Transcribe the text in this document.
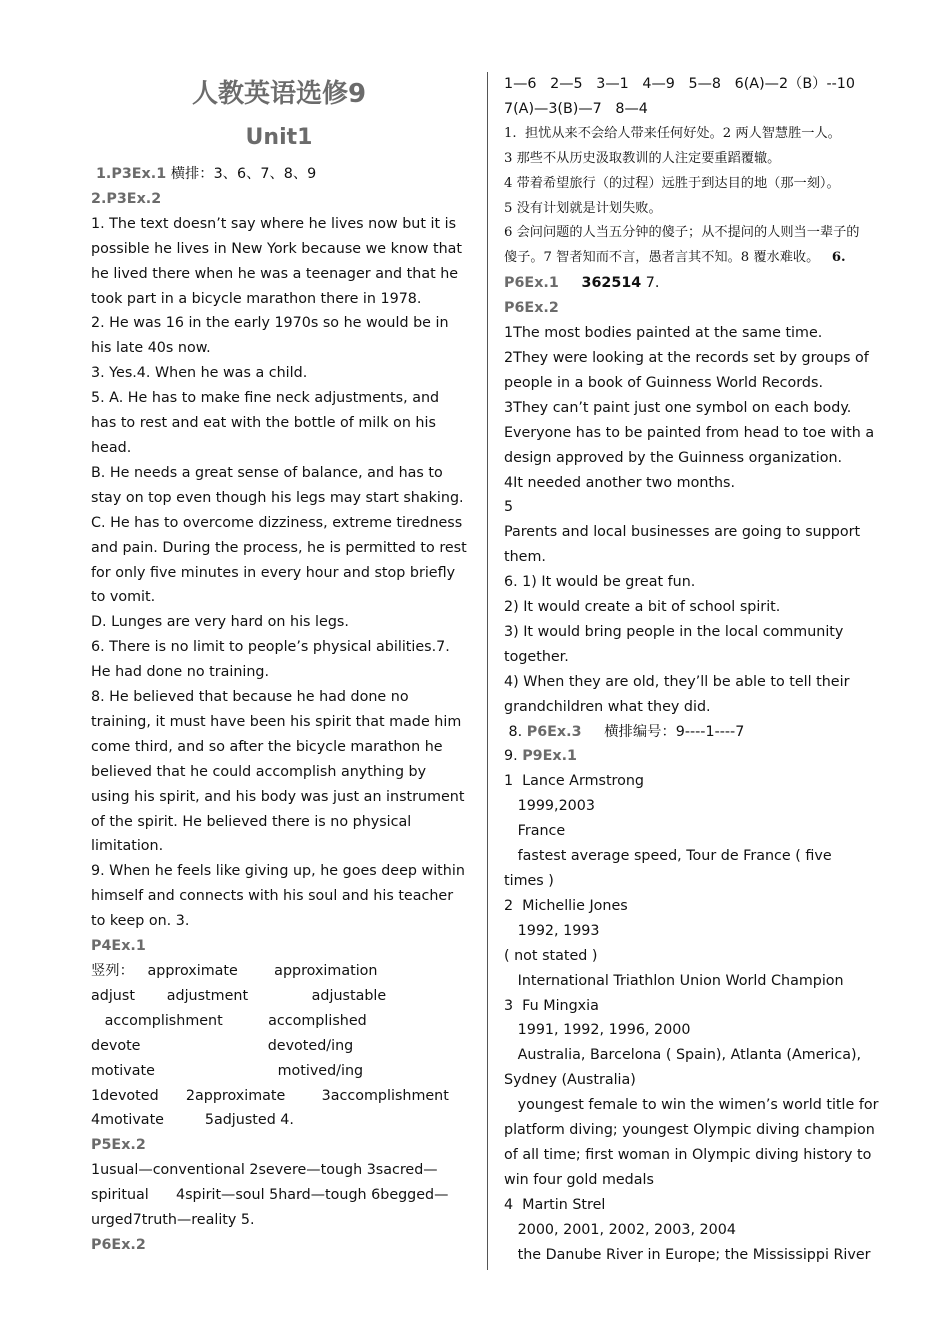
人教英语选修9
Unit1
1.P3Ex.1 横排：3、6、7、8、9
2.P3Ex.2
1. The text doesn’t say where he lives now but it is
possible he lives in New York because we know that
he lived there when he was a teenager and that he
took part in a bicycle marathon there in 1978.
2. He was 16 in the early 1970s so he would be in
his late 40s now.
3. Yes.4. When he was a child.
5. A. He has to make fine neck adjustments, and
has to rest and eat with the bottle of milk on his
head.
B. He needs a great sense of balance, and has to
stay on top even though his legs may start shaking.
C. He has to overcome dizziness, extreme tiredness
and pain. During the process, he is permitted to rest
for only five minutes in every hour and stop briefly
to vomit.
D. Lunges are very hard on his legs.
6. There is no limit to people’s physical abilities.7.
He had done no training.
8. He believed that because he had done no
training, it must have been his spirit that made him
come third, and so after the bicycle marathon he
believed that he could accomplish anything by
using his spirit, and his body was just an instrument
of the spirit. He believed there is no physical
limitation.
9. When he feels like giving up, he goes deep within
himself and connects with his soul and his teacher
to keep on. 3.
P4Ex.1
竖列：   approximate        approximation
adjust       adjustment              adjustable
accomplishment          accomplished
devote                            devoted/ing
motivate                           motived/ing
1devoted      2approximate        3accomplishment
4motivate         5adjusted 4.
P5Ex.2
1usual—conventional 2severe—tough 3sacred—
spiritual      4spirit—soul 5hard—tough 6begged—
urged7truth—reality 5.
P6Ex.2
1—6   2—5   3—1   4—9   5—8   6(A)—2（B）--10
7(A)—3(B)—7   8—4
1.  担忧从来不会给人带来任何好处。2 两人智慧胜一人。
3 那些不从历史汲取教训的人注定要重蹈覆辙。
4 带着希望旅行（的过程）远胜于到达目的地（那一刻）。
5 没有计划就是计划失败。
6 会问问题的人当五分钟的傻子；从不提问的人则当一辈子的
傻子。7 智者知而不言，愚者言其不知。8 覆水难收。   6.
P6Ex.1 362514 7.
P6Ex.2
1The most bodies painted at the same time.
2They were looking at the records set by groups of
people in a book of Guinness World Records.
3They can’t paint just one symbol on each body.
Everyone has to be painted from head to toe with a
design approved by the Guinness organization.
4It needed another two months.
5
Parents and local businesses are going to support
them.
6. 1) It would be great fun.
2) It would create a bit of school spirit.
3) It would bring people in the local community
together.
4) When they are old, they’ll be able to tell their
grandchildren what they did.
8. P6Ex.3     横排编号：9----1----7
9. P9Ex.1
1  Lance Armstrong
1999,2003
France
fastest average speed, Tour de France ( five
times )
2  Michellie Jones
1992, 1993
( not stated )
International Triathlon Union World Champion
3  Fu Mingxia
1991, 1992, 1996, 2000
Australia, Barcelona ( Spain), Atlanta (America),
Sydney (Australia)
youngest female to win the wimen’s world title for
platform diving; youngest Olympic diving champion
of all time; first woman in Olympic diving history to
win four gold medals
4  Martin Strel
2000, 2001, 2002, 2003, 2004
the Danube River in Europe; the Mississippi River
